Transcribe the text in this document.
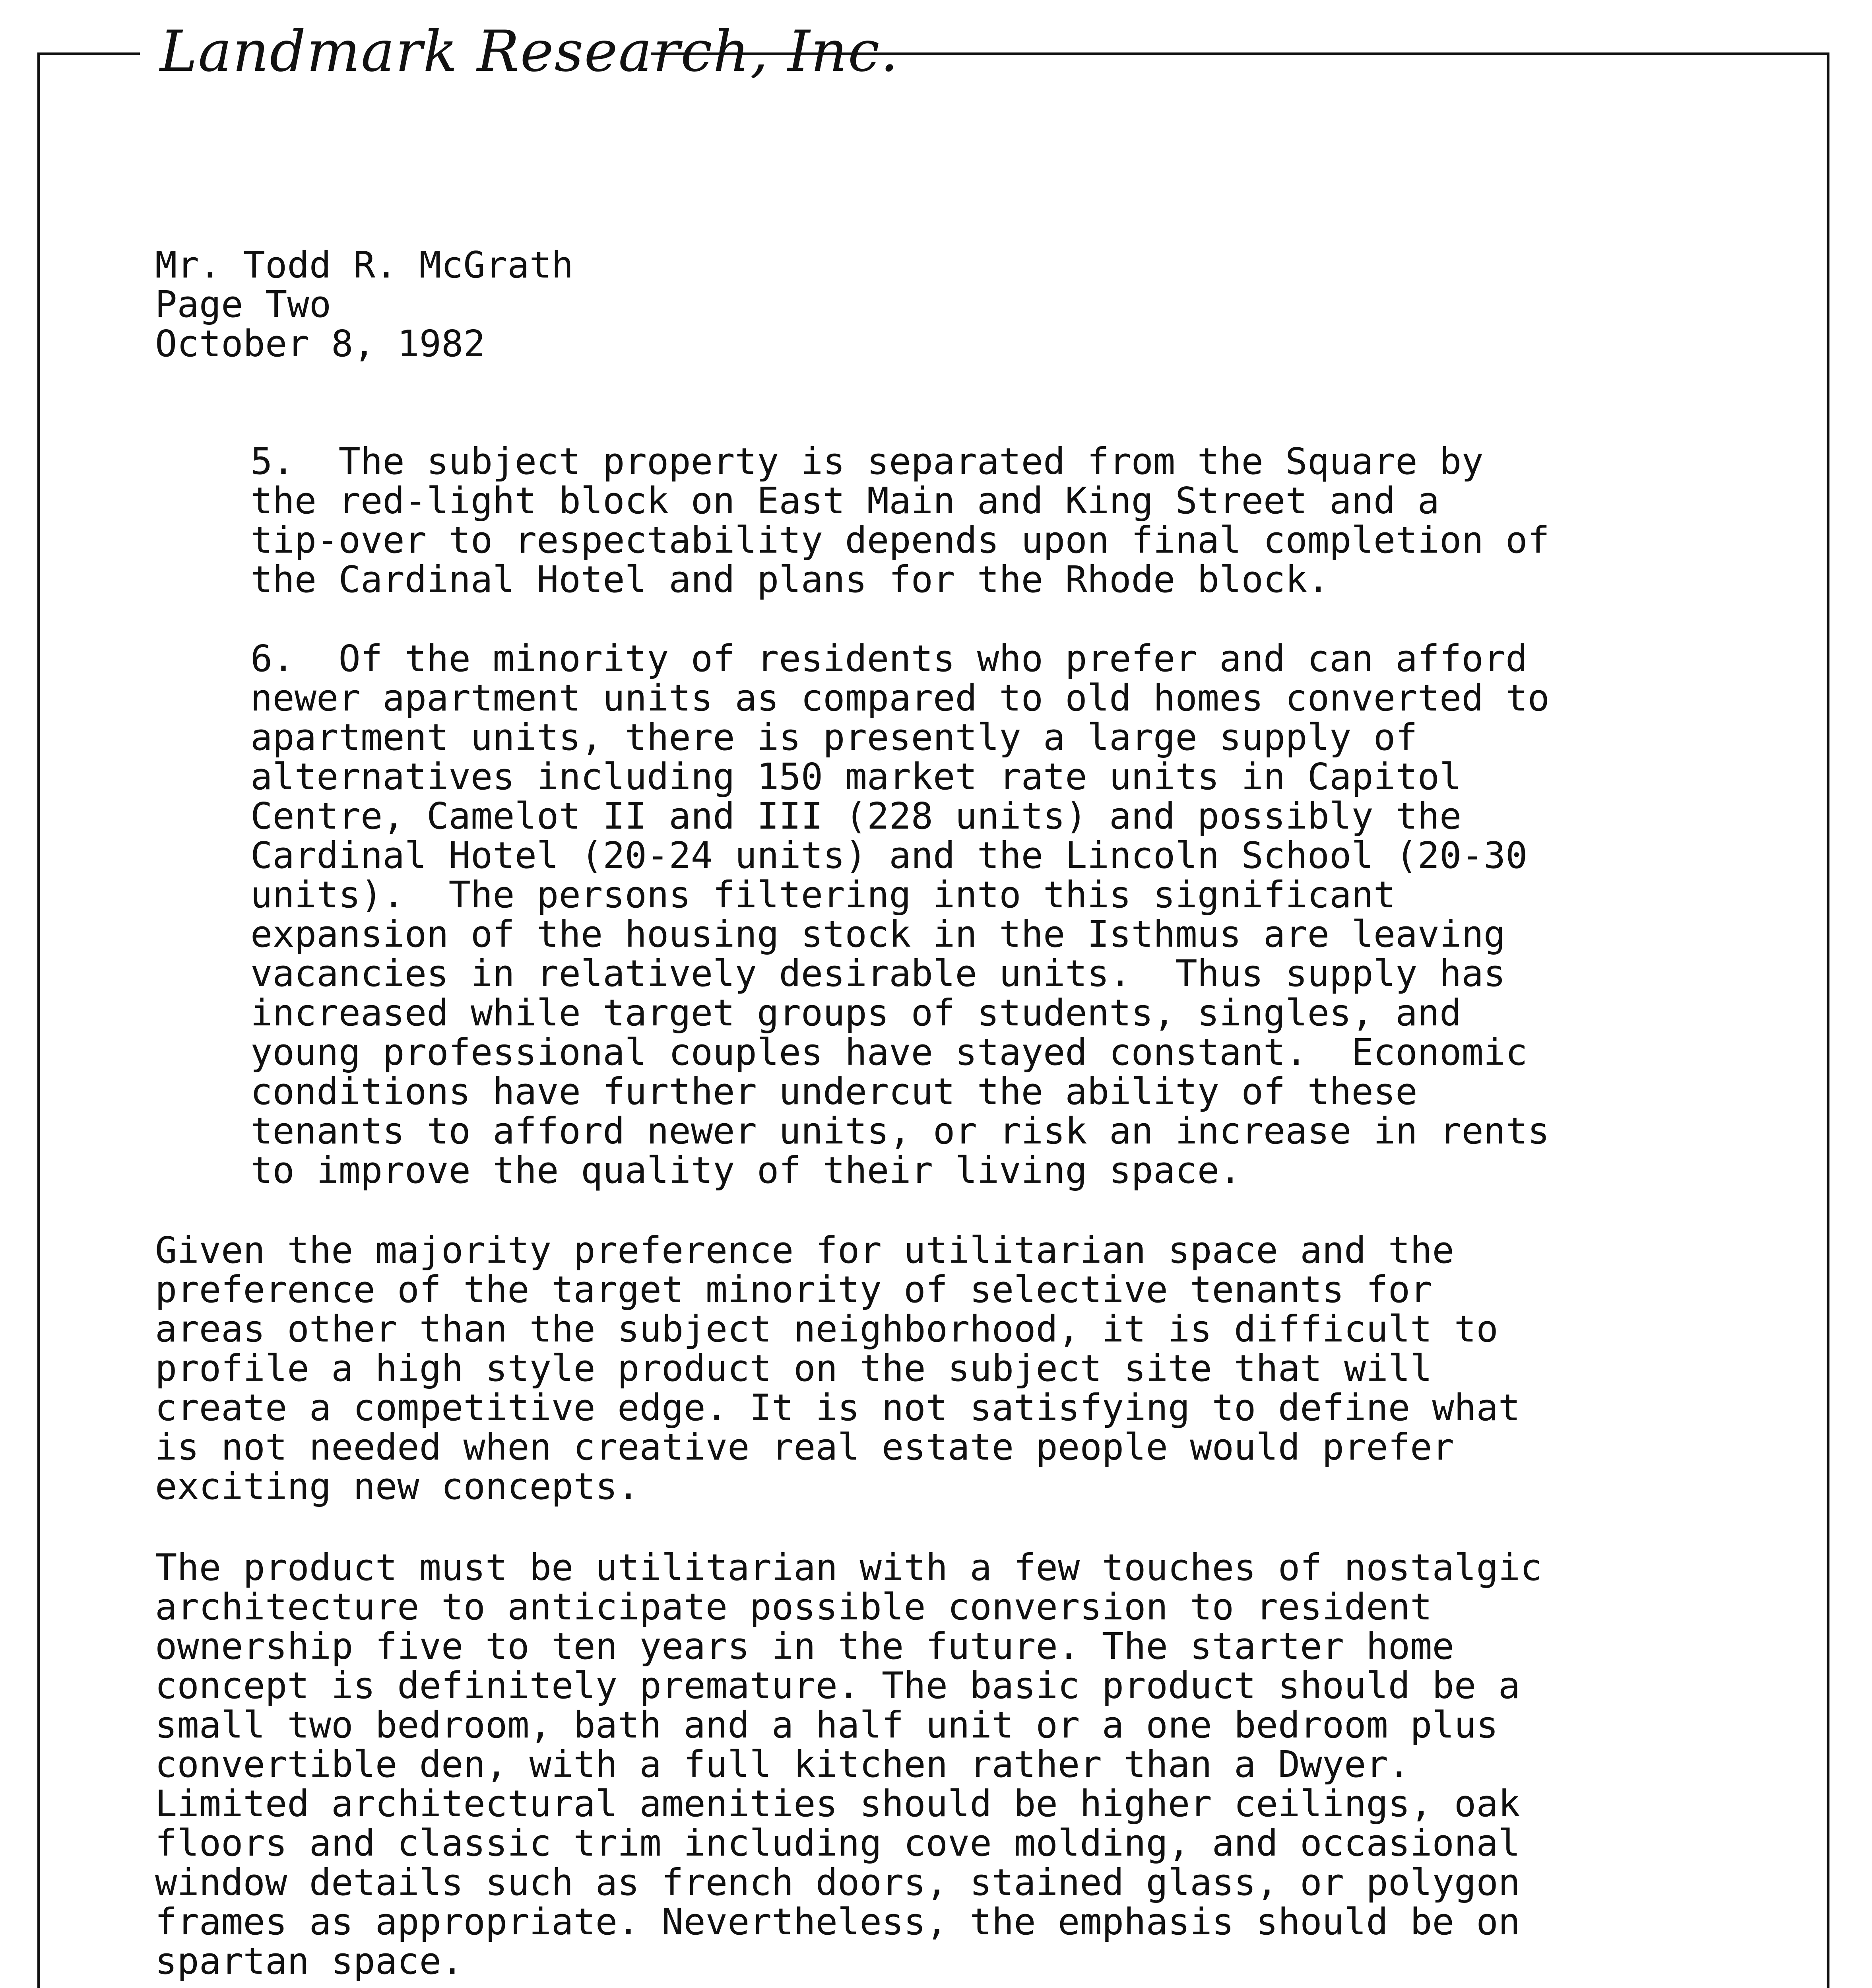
Landmark Research, Inc.
Mr. Todd R. McGrath
Page Two
October 8, 1982
5.  The subject property is separated from the Square by
the red-light block on East Main and King Street and a
tip-over to respectability depends upon final completion of
the Cardinal Hotel and plans for the Rhode block.
6.  Of the minority of residents who prefer and can afford
newer apartment units as compared to old homes converted to
apartment units, there is presently a large supply of
alternatives including 150 market rate units in Capitol
Centre, Camelot II and III (228 units) and possibly the
Cardinal Hotel (20-24 units) and the Lincoln School (20-30
units).  The persons filtering into this significant
expansion of the housing stock in the Isthmus are leaving
vacancies in relatively desirable units.  Thus supply has
increased while target groups of students, singles, and
young professional couples have stayed constant.  Economic
conditions have further undercut the ability of these
tenants to afford newer units, or risk an increase in rents
to improve the quality of their living space.
Given the majority preference for utilitarian space and the
preference of the target minority of selective tenants for
areas other than the subject neighborhood, it is difficult to
profile a high style product on the subject site that will
create a competitive edge. It is not satisfying to define what
is not needed when creative real estate people would prefer
exciting new concepts.
The product must be utilitarian with a few touches of nostalgic
architecture to anticipate possible conversion to resident
ownership five to ten years in the future. The starter home
concept is definitely premature. The basic product should be a
small two bedroom, bath and a half unit or a one bedroom plus
convertible den, with a full kitchen rather than a Dwyer.
Limited architectural amenities should be higher ceilings, oak
floors and classic trim including cove molding, and occasional
window details such as french doors, stained glass, or polygon
frames as appropriate. Nevertheless, the emphasis should be on
spartan space.
